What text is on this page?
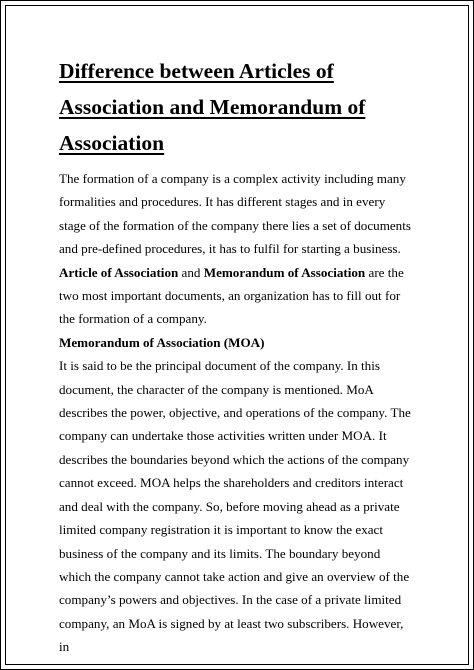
Difference between Articles of Association and Memorandum of Association

The formation of a company is a complex activity including many formalities and procedures. It has different stages and in every stage of the formation of the company there lies a set of documents and pre-defined procedures, it has to fulfil for starting a business. Article of Association and Memorandum of Association are the two most important documents, an organization has to fill out for the formation of a company.

Memorandum of Association (MOA)

It is said to be the principal document of the company. In this document, the character of the company is mentioned. MoA describes the power, objective, and operations of the company. The company can undertake those activities written under MOA. It describes the boundaries beyond which the actions of the company cannot exceed. MOA helps the shareholders and creditors interact and deal with the company. So, before moving ahead as a private limited company registration it is important to know the exact business of the company and its limits. The boundary beyond which the company cannot take action and give an overview of the company’s powers and objectives. In the case of a private limited company, an MoA is signed by at least two subscribers. However, in
